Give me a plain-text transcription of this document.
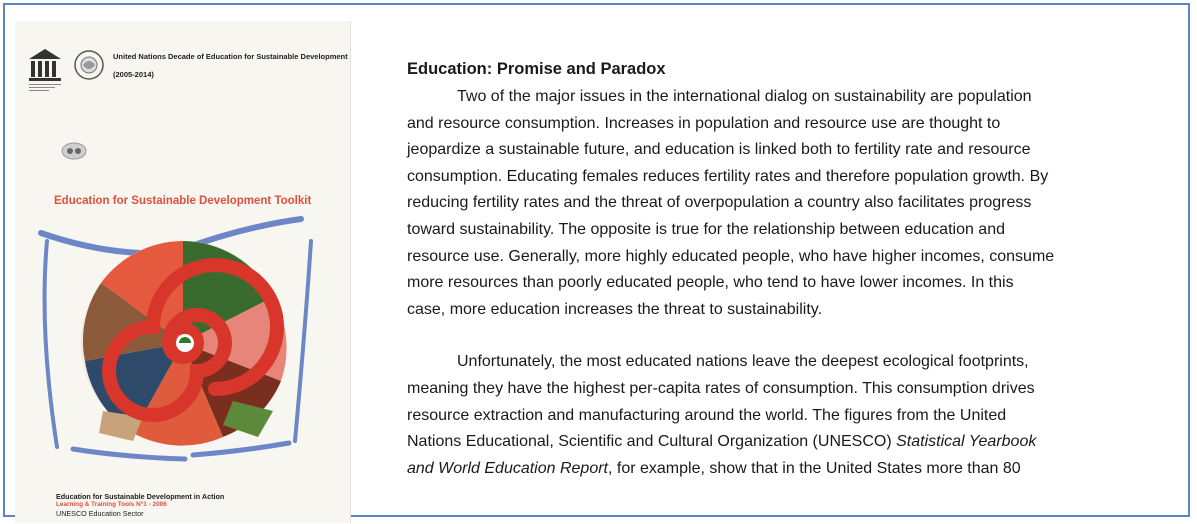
United Nations Decade of Education for Sustainable Development
(2005-2014)
Education for Sustainable Development Toolkit
Education for Sustainable Development in Action
Learning & Training Tools N°1 - 2006
UNESCO Education Sector
Education: Promise and Paradox

Two of the major issues in the international dialog on sustainability are population
and resource consumption. Increases in population and resource use are thought to
jeopardize a sustainable future, and education is linked both to fertility rate and resource
consumption. Educating females reduces fertility rates and therefore population growth. By
reducing fertility rates and the threat of overpopulation a country also facilitates progress
toward sustainability. The opposite is true for the relationship between education and
resource use. Generally, more highly educated people, who have higher incomes, consume
more resources than poorly educated people, who tend to have lower incomes. In this
case, more education increases the threat to sustainability.

Unfortunately, the most educated nations leave the deepest ecological footprints,
meaning they have the highest per-capita rates of consumption. This consumption drives
resource extraction and manufacturing around the world. The figures from the United
Nations Educational, Scientific and Cultural Organization (UNESCO) Statistical Yearbook
and World Education Report, for example, show that in the United States more than 80
